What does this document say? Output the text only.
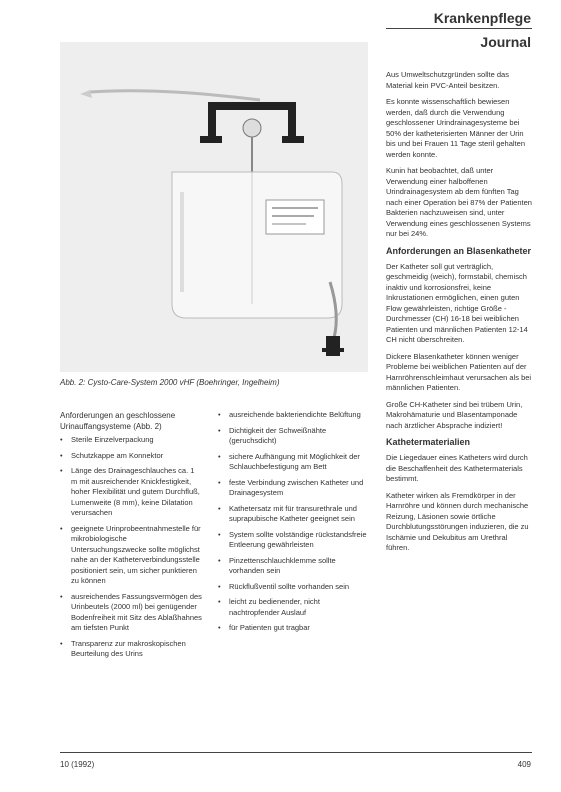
Krankenpflege
Journal
Abb. 2: Cysto-Care-System 2000 vHF (Boehringer, Ingelheim)

Anforderungen an geschlossene Urinauffangsysteme (Abb. 2)

• Sterile Einzelverpackung
• Schutzkappe am Konnektor
• Länge des Drainageschlauches ca. 1 m mit ausreichender Knickfestigkeit, hoher Flexibilität und gutem Durchfluß, Lumenweite (8 mm), keine Dilatation verursachen
• geeignete Urinprobeentnahmestelle für mikrobiologische Untersuchungszwecke sollte möglichst nahe an der Katheterverbindungsstelle positioniert sein, um sicher punktieren zu können
• ausreichendes Fassungsvermögen des Urinbeutels (2000 ml) bei genügender Bodenfreiheit mit Sitz des Ablaßhahnes am tiefsten Punkt
• Transparenz zur makroskopischen Beurteilung des Urins
• ausreichende bakteriendichte Belüftung
• Dichtigkeit der Schweißnähte (geruchsdicht)
• sichere Aufhängung mit Möglichkeit der Schlauchbefestigung am Bett
• feste Verbindung zwischen Katheter und Drainagesystem
• Kathetersatz mit für transurethrale und suprapubische Katheter geeignet sein
• System sollte volständige rückstandsfreie Entleerung gewährleisten
• Pinzettenschlauchklemme sollte vorhanden sein
• Rückflußventil sollte vorhanden sein
• leicht zu bedienender, nicht nachtropfender Auslauf
• für Patienten gut tragbar

Aus Umweltschutzgründen sollte das Material kein PVC-Anteil besitzen.

Es konnte wissenschaftlich bewiesen werden, daß durch die Verwendung geschlossener Urindrainagesysteme bei 50% der katheterisierten Männer der Urin bis und bei Frauen 11 Tage steril gehalten werden konnte.

Kunin hat beobachtet, daß unter Verwendung einer halboffenen Urindrainagesystem ab dem fünften Tag nach einer Operation bei 87% der Patienten Bakterien nachzuweisen sind, unter Verwendung eines geschlossenen Systems nur bei 24%.

Anforderungen an Blasenkatheter

Der Katheter soll gut verträglich, geschmeidig (weich), formstabil, chemisch inaktiv und korrosionsfrei, keine Inkrustationen ermöglichen, einen guten Flow gewährleisten, richtige Größe - Durchmesser (CH) 16-18 bei weiblichen Patienten und männlichen Patienten 12-14 CH nicht überschreiten.

Dickere Blasenkatheter können weniger Probleme bei weiblichen Patienten auf der Harnröhrenschleimhaut verursachen als bei männlichen Patienten.

Große CH-Katheter sind bei trübem Urin, Makrohämaturie und Blasentamponade nach ärztlicher Absprache indiziert!

Kathetermaterialien

Die Liegedauer eines Katheters wird durch die Beschaffenheit des Kathetermaterials bestimmt.

Katheter wirken als Fremdkörper in der Harnröhre und können durch mechanische Reizung, Läsionen sowie örtliche Durchblutungsstörungen induzieren, die zu Ischämie und Dekubitus am Urethral führen.

10 (1992)	409
